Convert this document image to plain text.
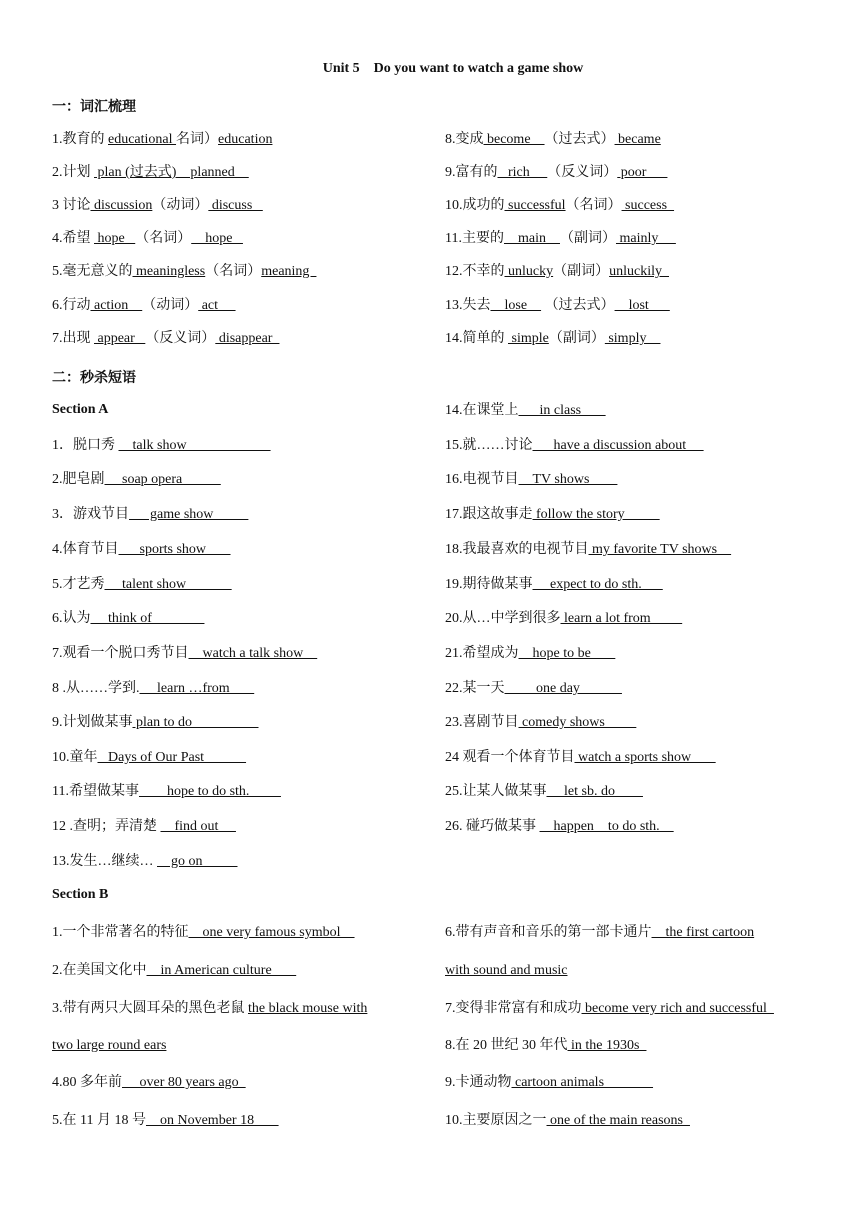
Unit 5    Do you want to watch a game show
一：词汇梳理
1.教育的 educational 名词）education
2.计划  plan (过去式)    planned
3 讨论 discussion（动词） discuss
4.希望  hope   （名词）    hope
5.毫无意义的 meaningless（名词）meaning
6.行动 action    （动词） act
7.出现  appear   （反义词） disappear
8.变成 become    （过去式） became
9.富有的   rich     （反义词） poor
10.成功的 successful（名词） success
11.主要的    main    （副词） mainly
12.不幸的 unlucky（副词）unluckily
13.失去    lose     （过去式）    lost
14.简单的  simple（副词） simply
二：秒杀短语
Section A
1．脱口秀     talk show
2.肥皂剧     soap opera
3．游戏节目      game show
4.体育节目      sports show
5.才艺秀     talent show
6.认为     think of
7.观看一个脱口秀节目    watch a talk show
8 .从……学到.     learn …from
9.计划做某事 plan to do
10.童年   Days of Our Past
11.希望做某事        hope to do sth.
12 .查明；弄清楚     find out
13.发生…继续…     go on
14.在课堂上      in class
15.就……讨论      have a discussion about
16.电视节目    TV shows
17.跟这故事走 follow the story
18.我最喜欢的电视节目 my favorite TV shows
19.期待做某事     expect to do sth.
20.从…中学到很多 learn a lot from
21.希望成为    hope to be
22.某一天         one day
23.喜剧节目 comedy shows
24 观看一个体育节目 watch a sports show
25.让某人做某事     let sb. do
26. 碰巧做某事     happen    to do sth.
Section B
1.一个非常著名的特征    one very famous symbol
2.在美国文化中    in American culture
3.带有两只大圆耳朵的黑色老鼠 the black mouse with
two large round ears
4.80 多年前     over 80 years ago
5.在 11 月 18 号    on November 18
6.带有声音和音乐的第一部卡通片    the first cartoon
with sound and music
7.变得非常富有和成功 become very rich and successful
8.在 20 世纪 30 年代 in the 1930s
9.卡通动物 cartoon animals
10.主要原因之一 one of the main reasons
